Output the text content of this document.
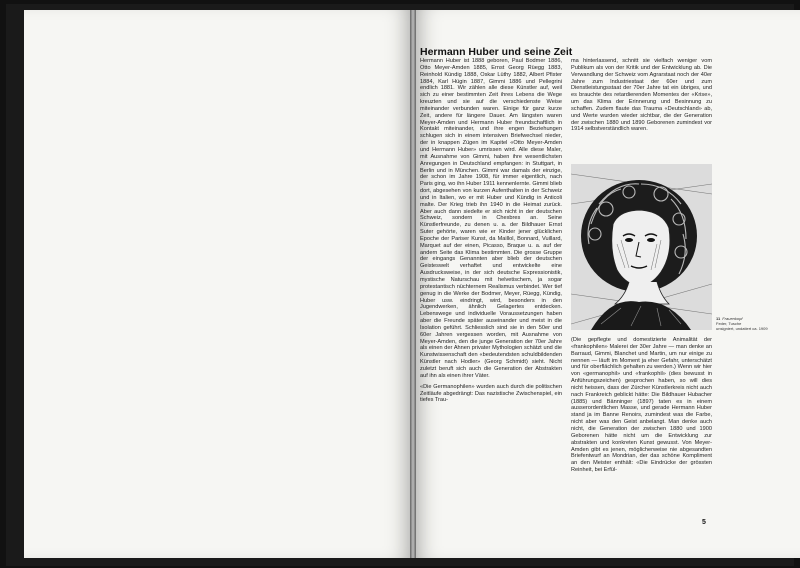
Hermann Huber und seine Zeit

Hermann Huber ist 1888 geboren, Paul Bodmer 1886, Otto Meyer-Amden 1885, Ernst Georg Rüegg 1883, Reinhold Kündig 1888, Oskar Lüthy 1882, Albert Pfister 1884, Karl Hügin 1887, Gimmi 1886 und Pellegrini endlich 1881. Wir zählen alle diese Künstler auf, weil sich zu einer bestimmten Zeit ihres Lebens die Wege kreuzten und sie auf die verschiedenste Weise miteinander verbunden waren. Einige für ganz kurze Zeit, andere für längere Dauer. Am längsten waren Meyer-Amden und Hermann Huber freundschaftlich in Kontakt miteinander, und ihre engen Beziehungen schlugen sich in einem intensiven Briefwechsel nieder, der in knappen Zügen im Kapitel «Otto Meyer-Amden und Hermann Huber» umrissen wird. Alle diese Maler, mit Ausnahme von Gimmi, haben ihre wesentlichsten Anregungen in Deutschland empfangen: in Stuttgart, in Berlin und in München. Gimmi war damals der einzige, der schon im Jahre 1908, für immer eigentlich, nach Paris ging, wo ihn Huber 1911 kennenlernte. Gimmi blieb dort, abgesehen von kurzen Aufenthalten in der Schweiz und in Italien, wo er mit Huber und Kündig in Anticoli malte. Der Krieg trieb ihn 1940 in die Heimat zurück. Aber auch dann siedelte er sich nicht in der deutschen Schweiz, sondern in Chexbres an. Seine Künstlerfreunde, zu denen u. a. der Bildhauer Ernst Suter gehörte, waren wie er Kinder jener glücklichen Epoche der Pariser Kunst, da Maillol, Bonnard, Vuillard, Marquet auf der einen, Picasso, Braque u. a. auf der andern Seite das Klima bestimmten. Die grosse Gruppe der eingangs Genannten aber blieb der deutschen Geisteswelt verhaftet und entwickelte eine Ausdrucksweise, in der sich deutsche Expressionistik, mystische Naturschau mit helvetischem, ja sogar protestantisch nüchternem Realismus verbindet. Wer tief genug in die Werke der Bodmer, Meyer, Rüegg, Kündig, Huber usw. eindringt, wird, besonders in den Jugendwerken, ähnlich Gelagertes entdecken. Lebenswege und individuelle Voraussetzungen haben aber die Freunde später auseinander und meist in die Isolation geführt. Schliesslich sind sie in den 50er und 60er Jahren vergessen worden, mit Ausnahme von Meyer-Amden, den die junge Generation der 70er Jahre als einen der Ahnen privater Mythologien schätzt und die Kunstwissenschaft den «bedeutendsten schuldbildenden Künstler nach Hodler» (Georg Schmidt) sieht. Nicht zuletzt beruft sich auch die Generation der Abstrakten auf ihn als einen ihrer Väter.

«Die Germanophilen» wurden auch durch die politischen Zeitläufe abgedrängt: Das nazistische Zwischenspiel, ein tiefes Trau-

ma hinterlassend, schnitt sie vielfach weniger vom Publikum als von der Kritik und der Entwicklung ab. Die Verwandlung der Schweiz vom Agrarstaat noch der 40er Jahre zum Industriestaat der 60er und zum Dienstleistungsstaat der 70er Jahre tat ein übriges, und es brauchte des retardierenden Momentes der «Krise», um das Klima der Erinnerung und Besinnung zu schaffen. Zudem flaute das Trauma «Deutschland» ab, und Werte wurden wieder sichtbar, die der Generation der zwischen 1880 und 1890 Geborenen zumindest vor 1914 selbstverständlich waren.

11 Frauenkopf
Feder, Tusche
unsigniert, undatiert ca. 1909

(Die gepflegte und domestizierte Animalität der «frankophilen» Malerei der 30er Jahre — man denke an Barraud, Gimmi, Blanchet und Martin, um nur einige zu nennen — läuft im Moment ja eher Gefahr, unterschätzt und für oberflächlich gehalten zu werden.) Wenn wir hier von «germanophil» und «frankophil» (dies bewusst in Anführungszeichen) gesprochen haben, so will dies nicht heissen, dass der Zürcher Künstlerkreis nicht auch nach Frankreich geblickt hätte: Die Bildhauer Hubacher (1885) und Bänninger (1897) taten es in einem ausserordentlichen Masse, und gerade Hermann Huber stand ja im Banne Renoirs, zumindest was die Farbe, nicht aber was den Geist anbelangt. Man denke auch nicht, die Generation der zwischen 1880 und 1900 Geborenen hätte nicht um die Entwicklung zur abstrakten und konkreten Kunst gewusst. Von Meyer-Amden gibt es jenen, möglicherweise nie abgesandten Briefentwurf an Mondrian, der das schöne Kompliment an den Meister enthält: «Die Eindrücke der grössten Reinheit, bei Erfül-

5
